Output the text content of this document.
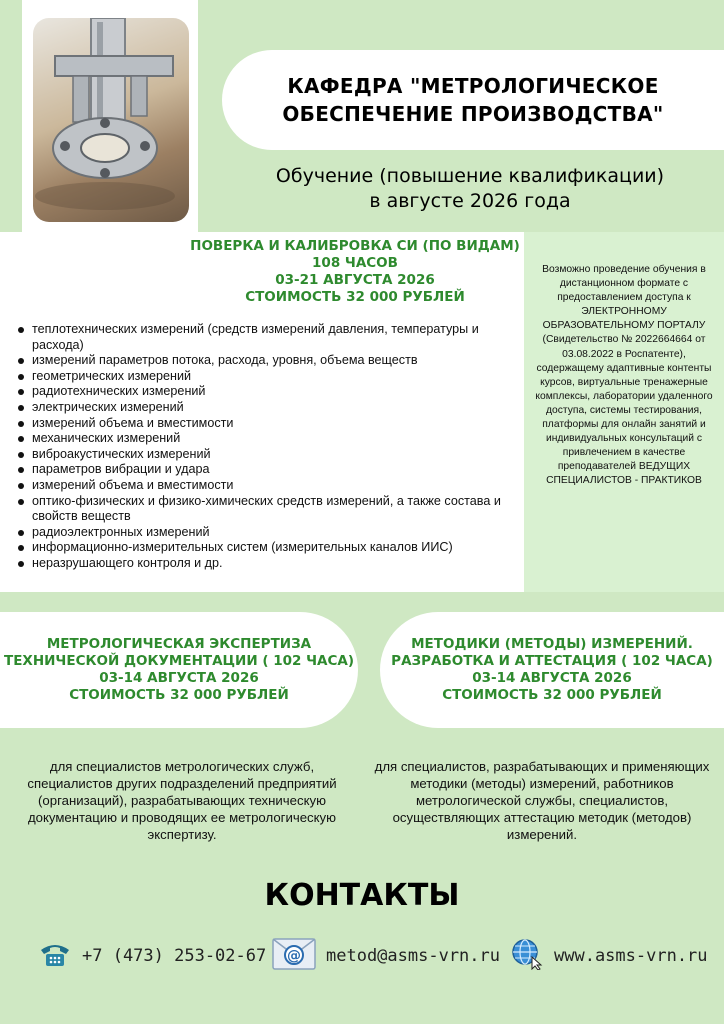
КАФЕДРА "МЕТРОЛОГИЧЕСКОЕ
ОБЕСПЕЧЕНИЕ ПРОИЗВОДСТВА"
Обучение (повышение квалификации)
в августе 2026 года
ПОВЕРКА И КАЛИБРОВКА СИ (ПО ВИДАМ)
108 ЧАСОВ
03-21 АВГУСТА 2026
СТОИМОСТЬ 32 000 РУБЛЕЙ
теплотехнических измерений (средств измерений давления, температуры и расхода)
измерений параметров потока, расхода, уровня, объема веществ
геометрических измерений
радиотехнических измерений
электрических измерений
измерений объема и вместимости
механических измерений
виброакустических измерений
параметров вибрации и удара
измерений объема и вместимости
оптико-физических и физико-химических средств измерений, а также состава и свойств веществ
радиоэлектронных измерений
информационно-измерительных систем (измерительных каналов ИИС)
неразрушающего контроля и др.
Возможно проведение обучения в дистанционном формате с предоставлением доступа к ЭЛЕКТРОННОМУ ОБРАЗОВАТЕЛЬНОМУ ПОРТАЛУ (Свидетельство № 2022664664 от 03.08.2022 в Роспатенте), содержащему адаптивные контенты курсов, виртуальные тренажерные комплексы, лаборатории удаленного доступа, системы тестирования, платформы для онлайн занятий и индивидуальных консультаций с привлечением в качестве преподавателей ВЕДУЩИХ СПЕЦИАЛИСТОВ - ПРАКТИКОВ
МЕТРОЛОГИЧЕСКАЯ ЭКСПЕРТИЗА
ТЕХНИЧЕСКОЙ ДОКУМЕНТАЦИИ ( 102 ЧАСА)
03-14 АВГУСТА 2026
СТОИМОСТЬ 32 000 РУБЛЕЙ
МЕТОДИКИ (МЕТОДЫ) ИЗМЕРЕНИЙ.
РАЗРАБОТКА И АТТЕСТАЦИЯ ( 102 ЧАСА)
03-14 АВГУСТА 2026
СТОИМОСТЬ 32 000 РУБЛЕЙ
для специалистов метрологических служб, специалистов других подразделений предприятий (организаций), разрабатывающих техническую документацию и проводящих ее метрологическую экспертизу.
для специалистов, разрабатывающих и применяющих методики (методы) измерений, работников метрологической службы, специалистов, осуществляющих аттестацию методик (методов) измерений.
КОНТАКТЫ
+7 (473) 253-02-67 @ metod@asms-vrn.ru	www.asms-vrn.ru
